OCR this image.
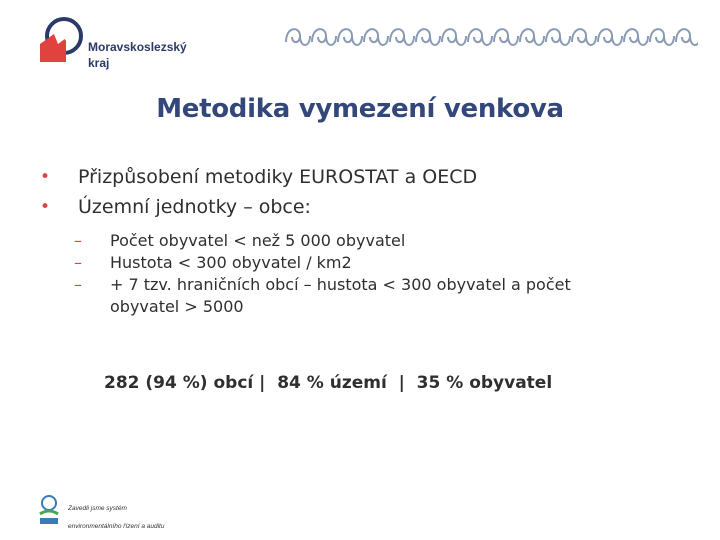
Moravskoslezský
kraj
Metodika vymezení venkova
• Přizpůsobení metodiky EUROSTAT a OECD
• Územní jednotky – obce:
– Počet obyvatel < než 5 000 obyvatel
– Hustota < 300 obyvatel / km2
– + 7 tzv. hraničních obcí – hustota < 300 obyvatel a počet obyvatel > 5000
282 (94 %) obcí |  84 % území  |  35 % obyvatel
Zavedli jsme systém
environmentálního řízení a auditu
